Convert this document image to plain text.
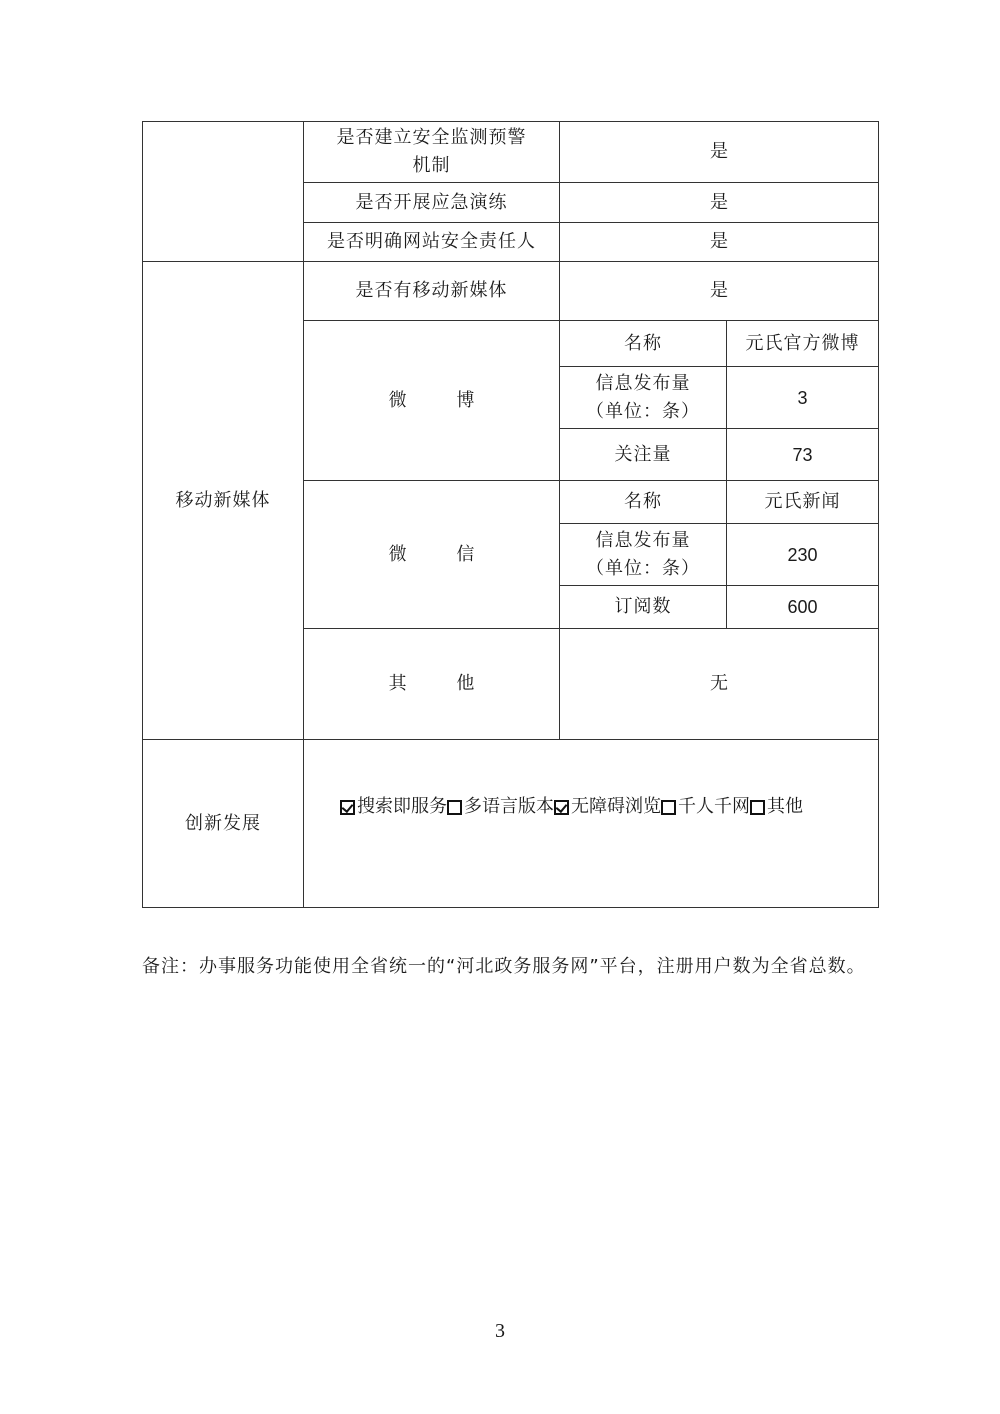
	是否建立安全监测预警
机制	是	
	是否开展应急演练	是	
	是否明确网站安全责任人	是	
移动新媒体	是否有移动新媒体	是	
	微 博	名称	元氏官方微博

		信息发布量
（单位：条）	3
		关注量	73
	微 信	名称	元氏新闻

		信息发布量
（单位：条）	230
		订阅数	600
	其 他	无	
创新发展	搜索即服务 多语言版本 无障碍浏览 千人千网 其他		
备注：办事服务功能使用全省统一的“河北政务服务网”平台，注册用户数为全省总数。
3
